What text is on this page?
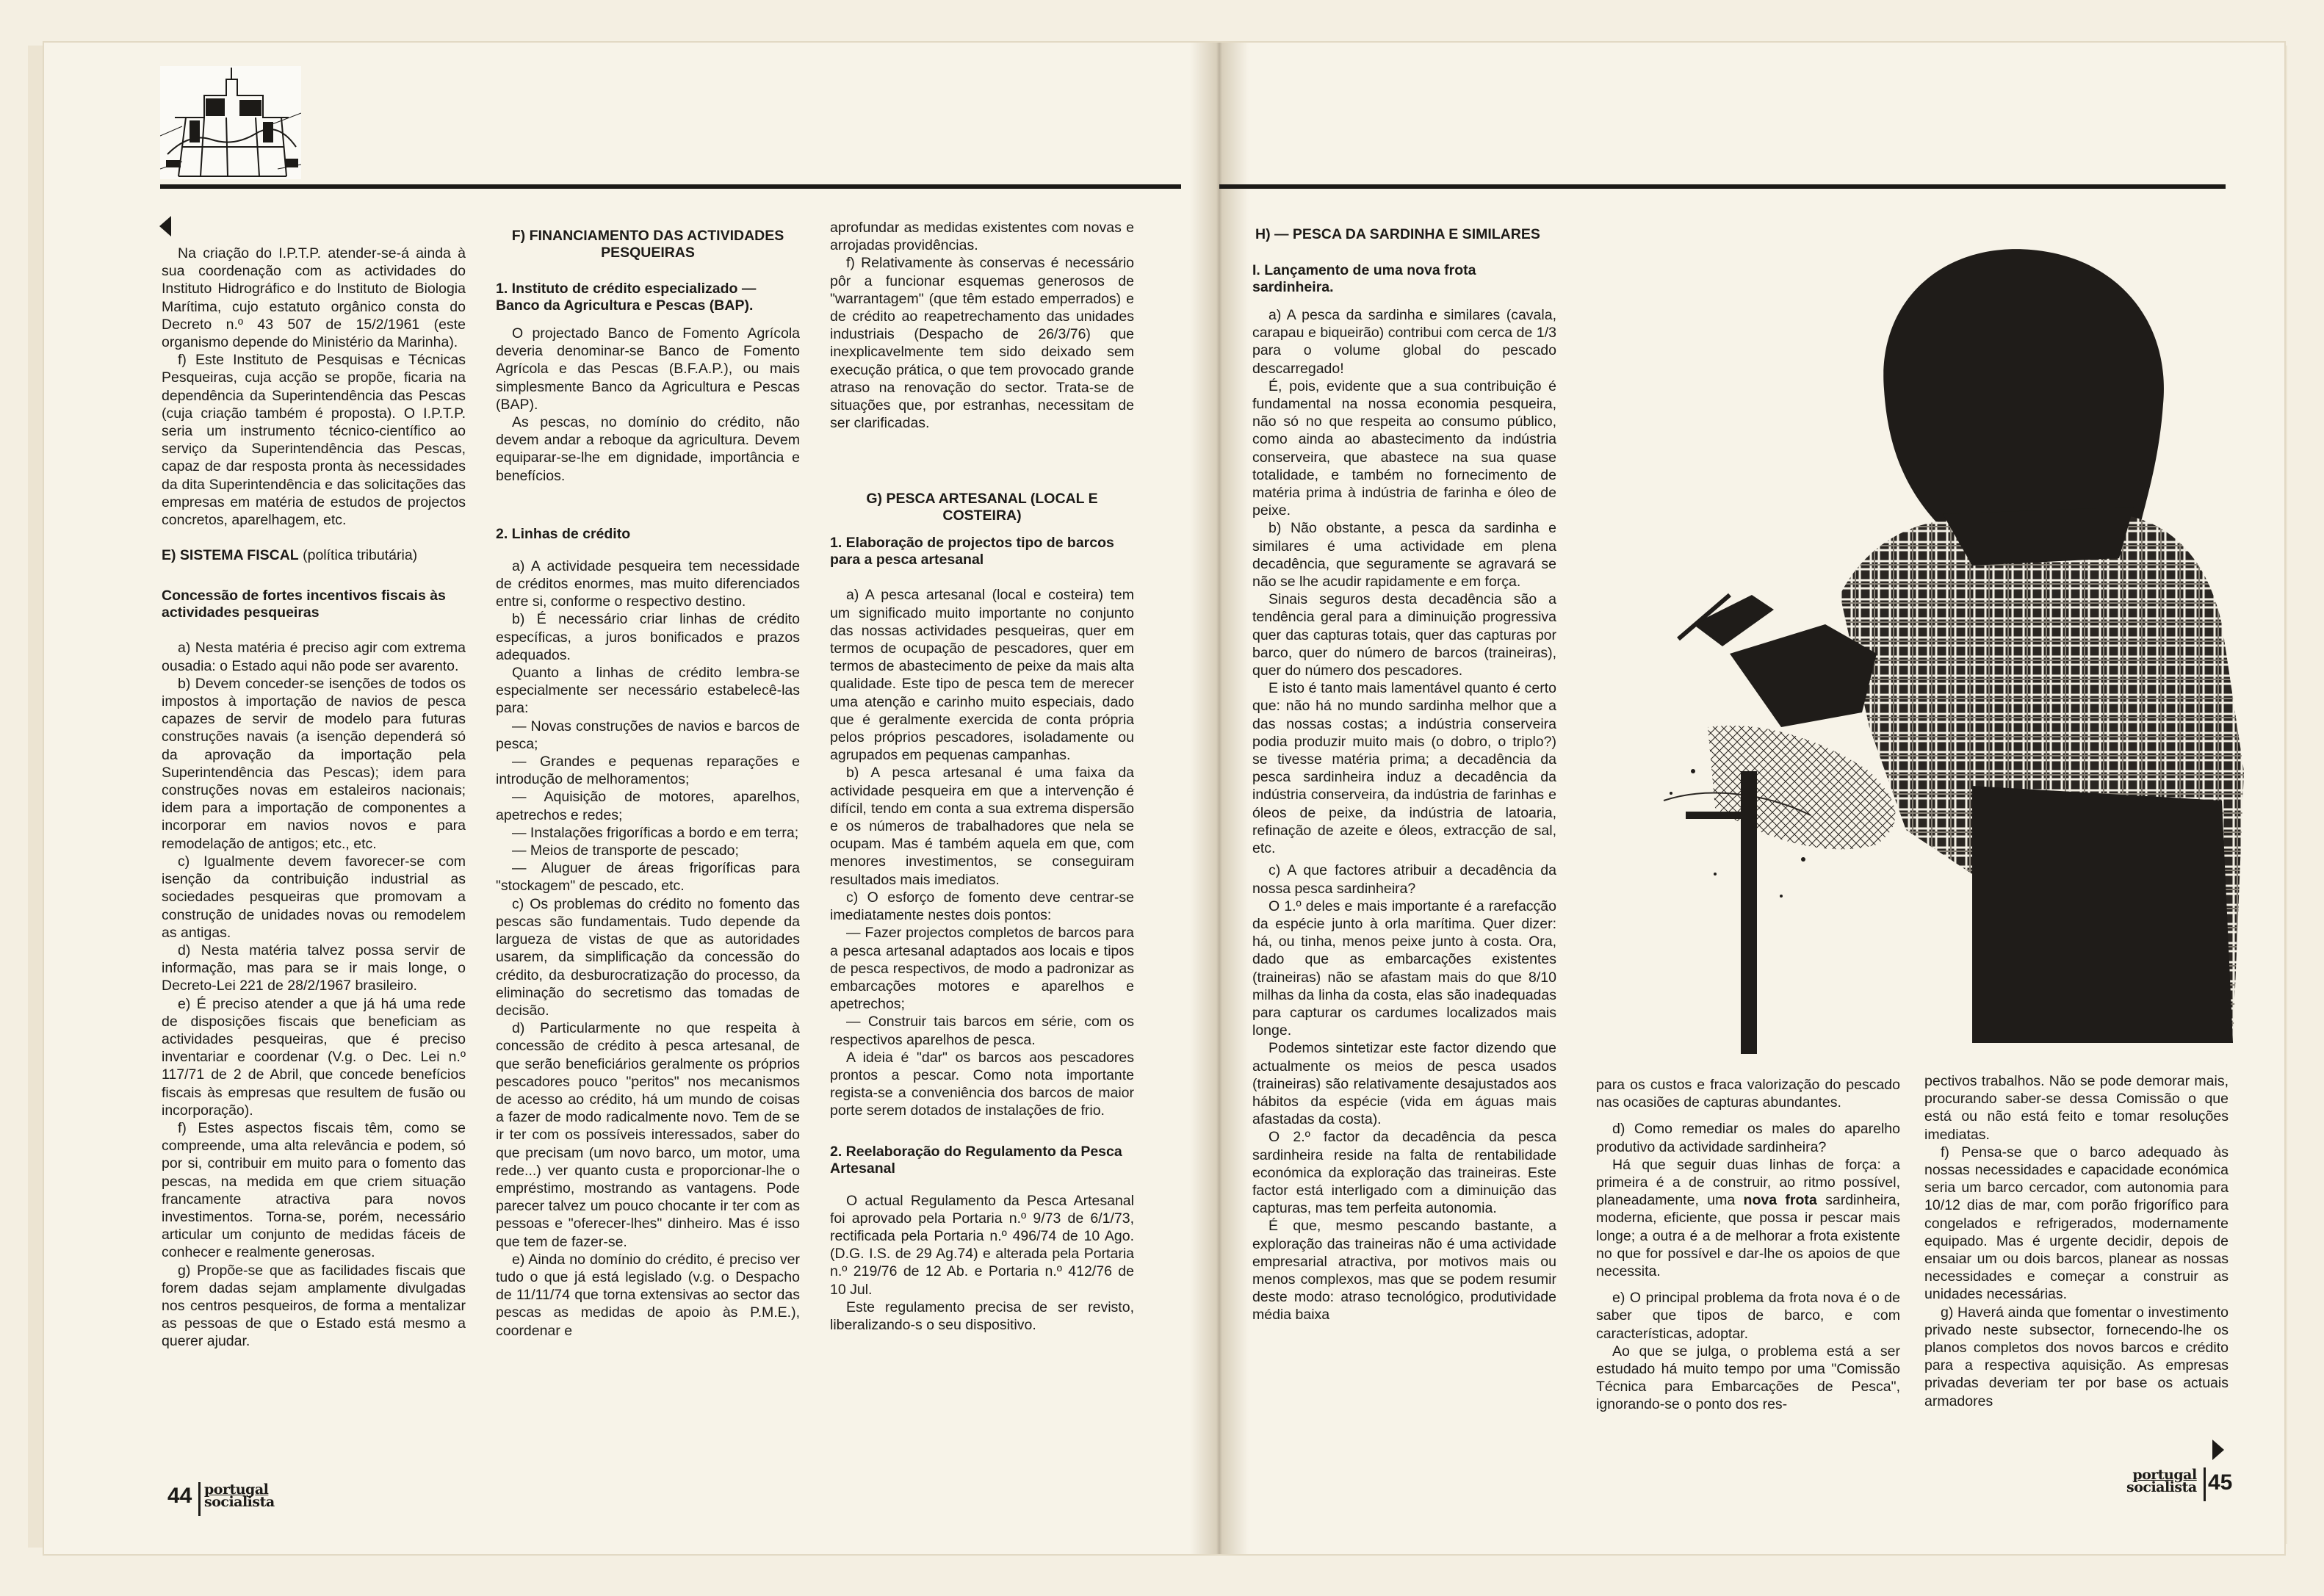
Na criação do I.P.T.P. atender-se-á ainda à sua coordenação com as actividades do Instituto Hidrográfico e do Instituto de Biologia Marítima, cujo estatuto orgânico consta do Decreto n.º 43 507 de 15/2/1961 (este organismo depende do Ministério da Marinha).

f) Este Instituto de Pesquisas e Técnicas Pesqueiras, cuja acção se propõe, ficaria na dependência da Superintendência das Pescas (cuja criação também é proposta). O I.P.T.P. seria um instrumento técnico-científico ao serviço da Superintendência das Pescas, capaz de dar resposta pronta às necessidades da dita Superintendência e das solicitações das empresas em matéria de estudos de projectos concretos, aparelhagem, etc.

E) SISTEMA FISCAL (política tributária)

Concessão de fortes incentivos fiscais às actividades pesqueiras

a) Nesta matéria é preciso agir com extrema ousadia: o Estado aqui não pode ser avarento.

b) Devem conceder-se isenções de todos os impostos à importação de navios de pesca capazes de servir de modelo para futuras construções navais (a isenção dependerá só da aprovação da importação pela Superintendência das Pescas); idem para construções novas em estaleiros nacionais; idem para a importação de componentes a incorporar em navios novos e para remodelação de antigos; etc., etc.

c) Igualmente devem favorecer-se com isenção da contribuição industrial as sociedades pesqueiras que promovam a construção de unidades novas ou remodelem as antigas.

d) Nesta matéria talvez possa servir de informação, mas para se ir mais longe, o Decreto-Lei 221 de 28/2/1967 brasileiro.

e) É preciso atender a que já há uma rede de disposições fiscais que beneficiam as actividades pesqueiras, que é preciso inventariar e coordenar (V.g. o Dec. Lei n.º 117/71 de 2 de Abril, que concede benefícios fiscais às empresas que resultem de fusão ou incorporação).

f) Estes aspectos fiscais têm, como se compreende, uma alta relevância e podem, só por si, contribuir em muito para o fomento das pescas, na medida em que criem situação francamente atractiva para novos investimentos. Torna-se, porém, necessário articular um conjunto de medidas fáceis de conhecer e realmente generosas.

g) Propõe-se que as facilidades fiscais que forem dadas sejam amplamente divulgadas nos centros pesqueiros, de forma a mentalizar as pessoas de que o Estado está mesmo a querer ajudar.

F) FINANCIAMENTO DAS ACTIVIDADES PESQUEIRAS

1. Instituto de crédito especializado — Banco da Agricultura e Pescas (BAP).

O projectado Banco de Fomento Agrícola deveria denominar-se Banco de Fomento Agrícola e das Pescas (B.F.A.P.), ou mais simplesmente Banco da Agricultura e Pescas (BAP).

As pescas, no domínio do crédito, não devem andar a reboque da agricultura. Devem equiparar-se-lhe em dignidade, importância e benefícios.

2. Linhas de crédito

a) A actividade pesqueira tem necessidade de créditos enormes, mas muito diferenciados entre si, conforme o respectivo destino.

b) É necessário criar linhas de crédito específicas, a juros bonificados e prazos adequados.

Quanto a linhas de crédito lembra-se especialmente ser necessário estabelecê-las para:

— Novas construções de navios e barcos de pesca;

— Grandes e pequenas reparações e introdução de melhoramentos;

— Aquisição de motores, aparelhos, apetrechos e redes;

— Instalações frigoríficas a bordo e em terra;

— Meios de transporte de pescado;

— Aluguer de áreas frigoríficas para "stockagem" de pescado, etc.

c) Os problemas do crédito no fomento das pescas são fundamentais. Tudo depende da largueza de vistas de que as autoridades usarem, da simplificação da concessão do crédito, da desburocratização do processo, da eliminação do secretismo das tomadas de decisão.

d) Particularmente no que respeita à concessão de crédito à pesca artesanal, de que serão beneficiários geralmente os próprios pescadores pouco "peritos" nos mecanismos de acesso ao crédito, há um mundo de coisas a fazer de modo radicalmente novo. Tem de se ir ter com os possíveis interessados, saber do que precisam (um novo barco, um motor, uma rede...) ver quanto custa e proporcionar-lhe o empréstimo, mostrando as vantagens. Pode parecer talvez um pouco chocante ir ter com as pessoas e "oferecer-lhes" dinheiro. Mas é isso que tem de fazer-se.

e) Ainda no domínio do crédito, é preciso ver tudo o que já está legislado (v.g. o Despacho de 11/11/74 que torna extensivas ao sector das pescas as medidas de apoio às P.M.E.), coordenar e

aprofundar as medidas existentes com novas e arrojadas providências.

f) Relativamente às conservas é necessário pôr a funcionar esquemas generosos de "warrantagem" (que têm estado emperrados) e de crédito ao reapetrechamento das unidades industriais (Despacho de 26/3/76) que inexplicavelmente tem sido deixado sem execução prática, o que tem provocado grande atraso na renovação do sector. Trata-se de situações que, por estranhas, necessitam de ser clarificadas.

G) PESCA ARTESANAL (LOCAL E COSTEIRA)

1. Elaboração de projectos tipo de barcos para a pesca artesanal

a) A pesca artesanal (local e costeira) tem um significado muito importante no conjunto das nossas actividades pesqueiras, quer em termos de ocupação de pescadores, quer em termos de abastecimento de peixe da mais alta qualidade. Este tipo de pesca tem de merecer uma atenção e carinho muito especiais, dado que é geralmente exercida de conta própria pelos próprios pescadores, isoladamente ou agrupados em pequenas campanhas.

b) A pesca artesanal é uma faixa da actividade pesqueira em que a intervenção é difícil, tendo em conta a sua extrema dispersão e os números de trabalhadores que nela se ocupam. Mas é também aquela em que, com menores investimentos, se conseguiram resultados mais imediatos.

c) O esforço de fomento deve centrar-se imediatamente nestes dois pontos:

— Fazer projectos completos de barcos para a pesca artesanal adaptados aos locais e tipos de pesca respectivos, de modo a padronizar as embarcações motores e aparelhos e apetrechos;

— Construir tais barcos em série, com os respectivos aparelhos de pesca.

A ideia é "dar" os barcos aos pescadores prontos a pescar. Como nota importante regista-se a conveniência dos barcos de maior porte serem dotados de instalações de frio.

2. Reelaboração do Regulamento da Pesca Artesanal

O actual Regulamento da Pesca Artesanal foi aprovado pela Portaria n.º 9/73 de 6/1/73, rectificada pela Portaria n.º 496/74 de 10 Ago. (D.G. I.S. de 29 Ag.74) e alterada pela Portaria n.º 219/76 de 12 Ab. e Portaria n.º 412/76 de 10 Jul.

Este regulamento precisa de ser revisto, liberalizando-s o seu dispositivo.

H) — PESCA DA SARDINHA E SIMILARES

I. Lançamento de uma nova frota sardinheira.

a) A pesca da sardinha e similares (cavala, carapau e biqueirão) contribui com cerca de 1/3 para o volume global do pescado descarregado!

É, pois, evidente que a sua contribuição é fundamental na nossa economia pesqueira, não só no que respeita ao consumo público, como ainda ao abastecimento da indústria conserveira, que abastece na sua quase totalidade, e também no fornecimento de matéria prima à indústria de farinha e óleo de peixe.

b) Não obstante, a pesca da sardinha e similares é uma actividade em plena decadência, que seguramente se agravará se não se lhe acudir rapidamente e em força.

Sinais seguros desta decadência são a tendência geral para a diminuição progressiva quer das capturas totais, quer das capturas por barco, quer do número de barcos (traineiras), quer do número dos pescadores.

E isto é tanto mais lamentável quanto é certo que: não há no mundo sardinha melhor que a das nossas costas; a indústria conserveira podia produzir muito mais (o dobro, o triplo?) se tivesse matéria prima; a decadência da pesca sardinheira induz a decadência da indústria conserveira, da indústria de farinhas e óleos de peixe, da indústria de latoaria, refinação de azeite e óleos, extracção de sal, etc.

c) A que factores atribuir a decadência da nossa pesca sardinheira?

O 1.º deles e mais importante é a rarefacção da espécie junto à orla marítima. Quer dizer: há, ou tinha, menos peixe junto à costa. Ora, dado que as embarcações existentes (traineiras) não se afastam mais do que 8/10 milhas da linha da costa, elas são inadequadas para capturar os cardumes localizados mais longe.

Podemos sintetizar este factor dizendo que actualmente os meios de pesca usados (traineiras) são relativamente desajustados aos hábitos da espécie (vida em águas mais afastadas da costa).

O 2.º factor da decadência da pesca sardinheira reside na falta de rentabilidade económica da exploração das traineiras. Este factor está interligado com a diminuição das capturas, mas tem perfeita autonomia.

É que, mesmo pescando bastante, a exploração das traineiras não é uma actividade empresarial atractiva, por motivos mais ou menos complexos, mas que se podem resumir deste modo: atraso tecnológico, produtividade média baixa

para os custos e fraca valorização do pescado nas ocasiões de capturas abundantes.

d) Como remediar os males do aparelho produtivo da actividade sardinheira?

Há que seguir duas linhas de força: a primeira é a de construir, ao ritmo possível, planeadamente, uma nova frota sardinheira, moderna, eficiente, que possa ir pescar mais longe; a outra é a de melhorar a frota existente no que for possível e dar-lhe os apoios de que necessita.

e) O principal problema da frota nova é o de saber que tipos de barco, e com características, adoptar.

Ao que se julga, o problema está a ser estudado há muito tempo por uma "Comissão Técnica para Embarcações de Pesca", ignorando-se o ponto dos res-

pectivos trabalhos. Não se pode demorar mais, procurando saber-se dessa Comissão o que está ou não está feito e tomar resoluções imediatas.

f) Pensa-se que o barco adequado às nossas necessidades e capacidade económica seria um barco cercador, com autonomia para 10/12 dias de mar, com porão frigorífico para congelados e refrigerados, modernamente equipado. Mas é urgente decidir, depois de ensaiar um ou dois barcos, planear as nossas necessidades e começar a construir as unidades necessárias.

g) Haverá ainda que fomentar o investimento privado neste subsector, fornecendo-lhe os planos completos dos novos barcos e crédito para a respectiva aquisição. As empresas privadas deveriam ter por base os actuais armadores

44 portugal
socialista
portugal
socialista 45
